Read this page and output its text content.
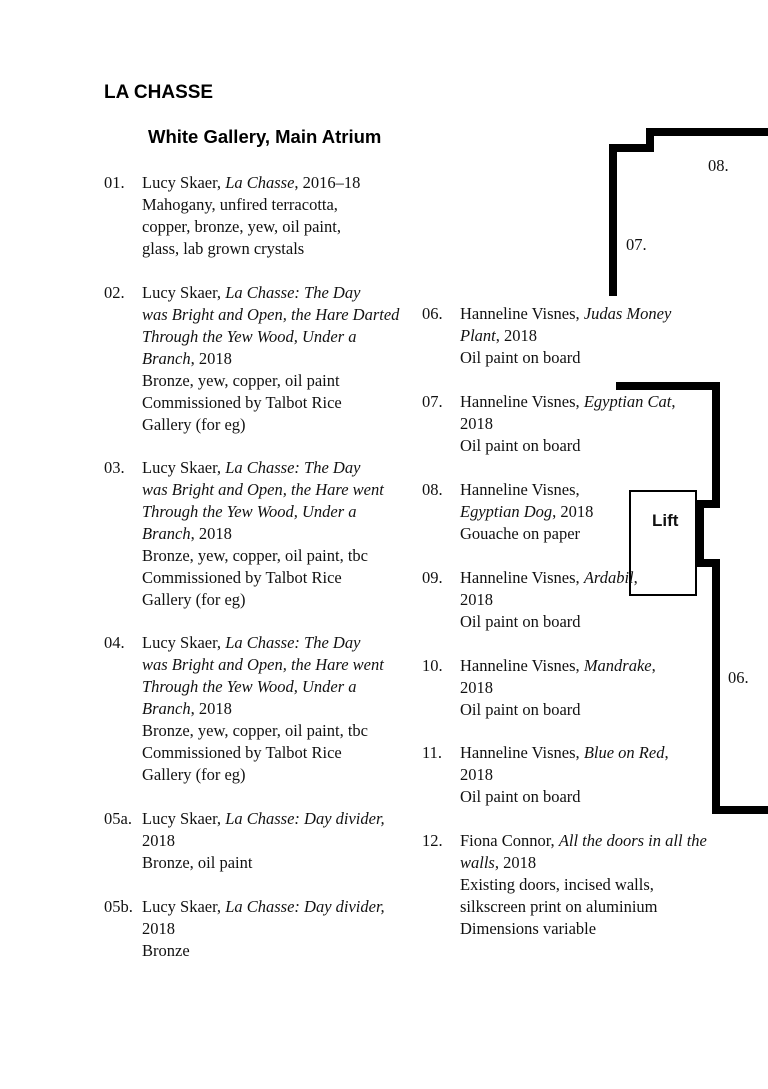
LA CHASSE
White Gallery, Main Atrium
Lift
08.
07.
06.
01. Lucy Skaer, La Chasse, 2016–18
Mahogany, unfired terracotta,
copper, bronze, yew, oil paint,
glass, lab grown crystals
02. Lucy Skaer, La Chasse: The Day
was Bright and Open, the Hare Darted
Through the Yew Wood, Under a
Branch, 2018
Bronze, yew, copper, oil paint
Commissioned by Talbot Rice
Gallery (for eg)
03. Lucy Skaer, La Chasse: The Day
was Bright and Open, the Hare went
Through the Yew Wood, Under a
Branch, 2018
Bronze, yew, copper, oil paint, tbc
Commissioned by Talbot Rice
Gallery (for eg)
04. Lucy Skaer, La Chasse: The Day
was Bright and Open, the Hare went
Through the Yew Wood, Under a
Branch, 2018
Bronze, yew, copper, oil paint, tbc
Commissioned by Talbot Rice
Gallery (for eg)
05a. Lucy Skaer, La Chasse: Day divider,
2018
Bronze, oil paint
05b. Lucy Skaer, La Chasse: Day divider,
2018
Bronze
06. Hanneline Visnes, Judas Money
Plant, 2018
Oil paint on board
07. Hanneline Visnes, Egyptian Cat,
2018
Oil paint on board
08. Hanneline Visnes,
Egyptian Dog, 2018
Gouache on paper
09. Hanneline Visnes, Ardabil,
2018
Oil paint on board
10. Hanneline Visnes, Mandrake,
2018
Oil paint on board
11. Hanneline Visnes, Blue on Red,
2018
Oil paint on board
12. Fiona Connor, All the doors in all the
walls, 2018
Existing doors, incised walls,
silkscreen print on aluminium
Dimensions variable
